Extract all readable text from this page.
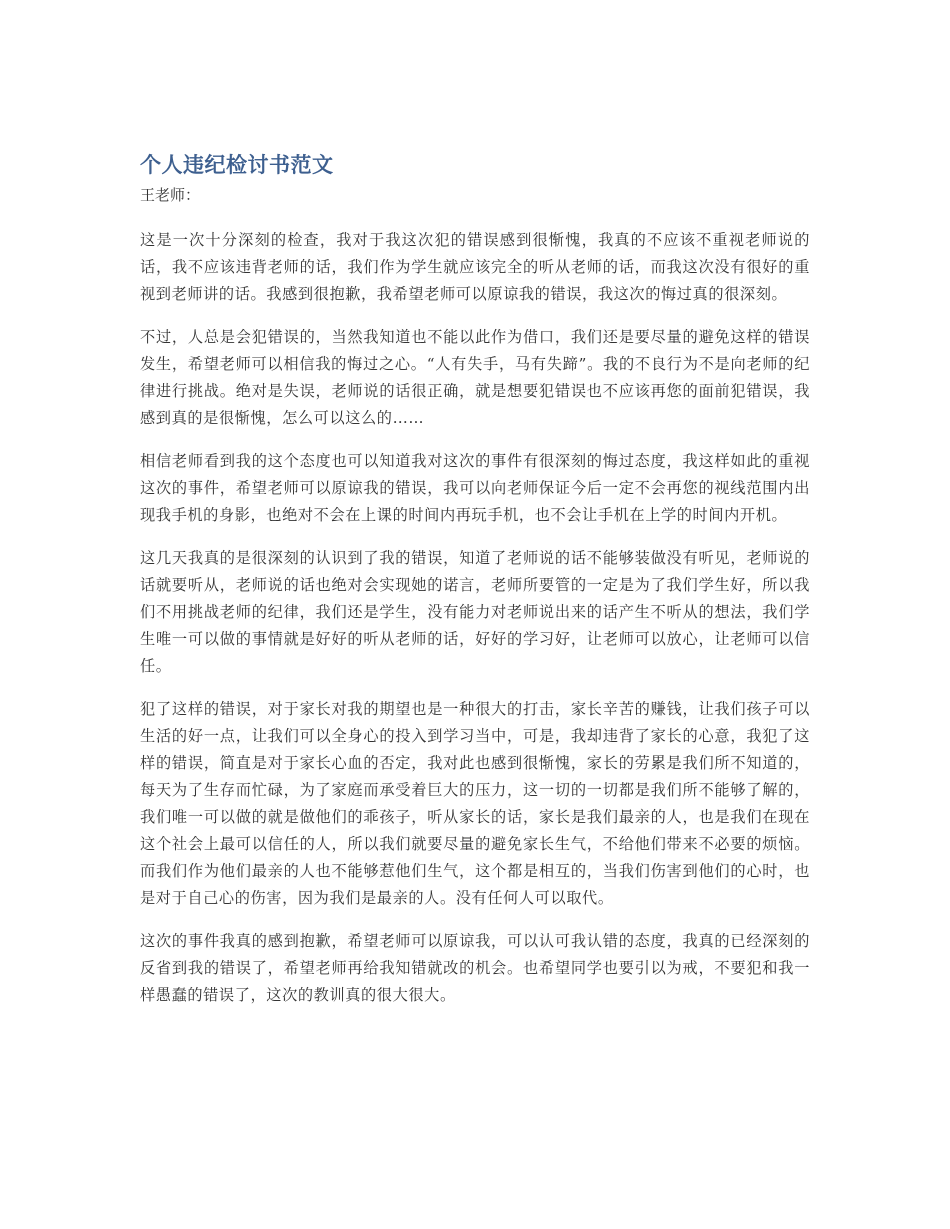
个人违纪检讨书范文

王老师：

这是一次十分深刻的检查，我对于我这次犯的错误感到很惭愧，我真的不应该不重视老师说的话，我不应该违背老师的话，我们作为学生就应该完全的听从老师的话，而我这次没有很好的重视到老师讲的话。我感到很抱歉，我希望老师可以原谅我的错误，我这次的悔过真的很深刻。

不过，人总是会犯错误的，当然我知道也不能以此作为借口，我们还是要尽量的避免这样的错误发生，希望老师可以相信我的悔过之心。“人有失手，马有失蹄”。我的不良行为不是向老师的纪律进行挑战。绝对是失误，老师说的话很正确，就是想要犯错误也不应该再您的面前犯错误，我感到真的是很惭愧，怎么可以这么的……

相信老师看到我的这个态度也可以知道我对这次的事件有很深刻的悔过态度，我这样如此的重视这次的事件，希望老师可以原谅我的错误，我可以向老师保证今后一定不会再您的视线范围内出现我手机的身影，也绝对不会在上课的时间内再玩手机，也不会让手机在上学的时间内开机。

这几天我真的是很深刻的认识到了我的错误，知道了老师说的话不能够装做没有听见，老师说的话就要听从，老师说的话也绝对会实现她的诺言，老师所要管的一定是为了我们学生好，所以我们不用挑战老师的纪律，我们还是学生，没有能力对老师说出来的话产生不听从的想法，我们学生唯一可以做的事情就是好好的听从老师的话，好好的学习好，让老师可以放心，让老师可以信任。

犯了这样的错误，对于家长对我的期望也是一种很大的打击，家长辛苦的赚钱，让我们孩子可以生活的好一点，让我们可以全身心的投入到学习当中，可是，我却违背了家长的心意，我犯了这样的错误，简直是对于家长心血的否定，我对此也感到很惭愧，家长的劳累是我们所不知道的，每天为了生存而忙碌，为了家庭而承受着巨大的压力，这一切的一切都是我们所不能够了解的，我们唯一可以做的就是做他们的乖孩子，听从家长的话，家长是我们最亲的人，也是我们在现在这个社会上最可以信任的人，所以我们就要尽量的避免家长生气，不给他们带来不必要的烦恼。而我们作为他们最亲的人也不能够惹他们生气，这个都是相互的，当我们伤害到他们的心时，也是对于自己心的伤害，因为我们是最亲的人。没有任何人可以取代。

这次的事件我真的感到抱歉，希望老师可以原谅我，可以认可我认错的态度，我真的已经深刻的反省到我的错误了，希望老师再给我知错就改的机会。也希望同学也要引以为戒，不要犯和我一样愚蠢的错误了，这次的教训真的很大很大。
